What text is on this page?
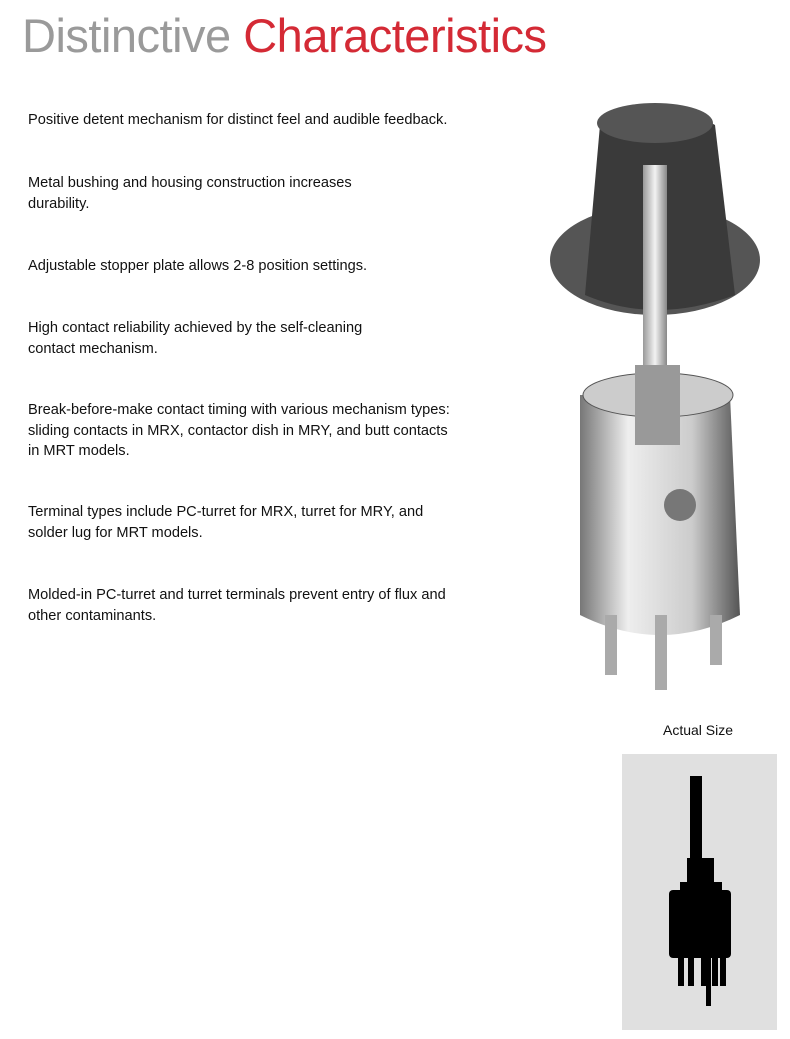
Distinctive Characteristics
Positive detent mechanism for distinct feel and audible feedback.
Metal bushing and housing construction increases durability.
Adjustable stopper plate allows 2-8 position settings.
High contact reliability achieved by the self-cleaning contact mechanism.
Break-before-make contact timing with various mechanism types: sliding contacts in MRX, contactor dish in MRY, and butt contacts in MRT models.
Terminal types include PC-turret for MRX, turret for MRY, and solder lug for MRT models.
Molded-in PC-turret and turret terminals prevent entry of flux and other contaminants.
Actual Size
